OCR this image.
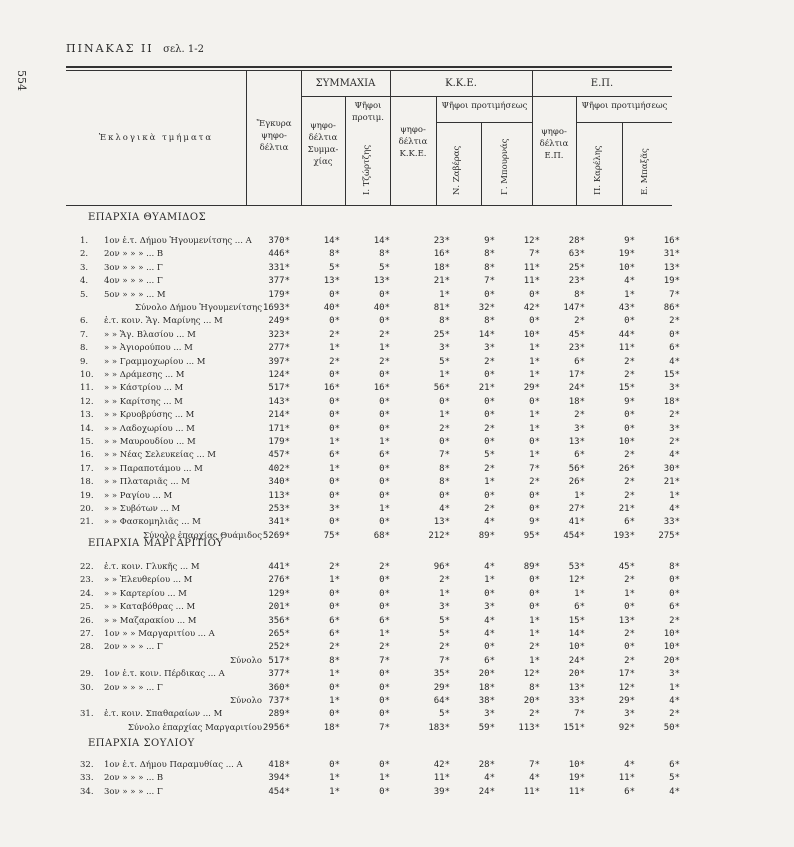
554
ΠΙΝΑΚΑΣ II σελ. 1-2
Ἐκλογικὰ τμήματα
Ἔγκυρα ψηφο-δέλτια
ΣΥΜΜΑΧΙΑ
ψηφο-δέλτια Συμμα-χίας
Ψῆφοι προτιμ.
Ι. Τζώρτζης
Κ.Κ.Ε.
ψηφο-δέλτια Κ.Κ.Ε.
Ψῆφοι προτιμήσεως
Ν. Ζαβέρας	Γ. Μπουρνάς
Ε.Π.
ψηφο-δέλτια Ε.Π.
Ψῆφοι προτιμήσεως
Π. Καρέλης	Ε. Μπαξᾶς
ΕΠΑΡΧΙΑ ΘΥΑΜΙΔΟΣ
1.	1ον ἐ.τ. Δήμου Ἡγουμενίτσης ... Α	370*	14*	14*	23*	9*	12*	28*	9*	16*
2.	2ον » » » ... Β	446*	8*	8*	16*	8*	7*	63*	19*	31*
3.	3ον » » » ... Γ	331*	5*	5*	18*	8*	11*	25*	10*	13*
4.	4ον » » » ... Γ	377*	13*	13*	21*	7*	11*	23*	4*	19*
5.	5ον » » » ... Μ	179*	0*	0*	1*	0*	0*	8*	1*	7*
Σύνολο Δήμου Ἡγουμενίτσης 1693*	40*	40*	81*	32*	42*	147*	43*	86*
6.	ἐ.τ. κοιν. Ἅγ. Μαρίνης ... Μ	249*	0*	0*	8*	8*	0*	2*	0*	2*
7.	» » Ἅγ. Βλασίου ... Μ	323*	2*	2*	25*	14*	10*	45*	44*	0*
8.	» » Ἀγιορούπου ... Μ	277*	1*	1*	3*	3*	1*	23*	11*	6*
9.	» » Γραμμοχωρίου ... Μ	397*	2*	2*	5*	2*	1*	6*	2*	4*
10.	» » Δράμεσης ... Μ	124*	0*	0*	1*	0*	1*	17*	2*	15*
11.	» » Κάστρίου ... Μ	517*	16*	16*	56*	21*	29*	24*	15*	3*
12.	» » Καρίτσης ... Μ	143*	0*	0*	0*	0*	0*	18*	9*	18*
13.	» » Κρυοβρύσης ... Μ	214*	0*	0*	1*	0*	1*	2*	0*	2*
14.	» » Λαδοχωρίου ... Μ	171*	0*	0*	2*	2*	1*	3*	0*	3*
15.	» » Μαυρουδίου ... Μ	179*	1*	1*	0*	0*	0*	13*	10*	2*
16.	» » Νέας Σελευκείας ... Μ	457*	6*	6*	7*	5*	1*	6*	2*	4*
17.	» » Παραποτάμου ... Μ	402*	1*	0*	8*	2*	7*	56*	26*	30*
18.	» » Πλαταριᾶς ... Μ	340*	0*	0*	8*	1*	2*	26*	2*	21*
19.	» » Ραγίου ... Μ	113*	0*	0*	0*	0*	0*	1*	2*	1*
20.	» » Συβότων ... Μ	253*	3*	1*	4*	2*	0*	27*	21*	4*
21.	» » Φασκομηλιᾶς ... Μ	341*	0*	0*	13*	4*	9*	41*	6*	33*
Σύνολο ἐπαρχίας Θυάμιδος 5269*	75*	68*	212*	89*	95*	454*	193*	275*
ΕΠΑΡΧΙΑ ΜΑΡΓΑΡΙΤΙΟΥ
22.	ἐ.τ. κοιν. Γλυκῆς ... Μ	441*	2*	2*	96*	4*	89*	53*	45*	8*
23.	» » Ἐλευθερίου ... Μ	276*	1*	0*	2*	1*	0*	12*	2*	0*
24.	» » Καρτερίου ... Μ	129*	0*	0*	1*	0*	0*	1*	1*	0*
25.	» » Καταβόθρας ... Μ	201*	0*	0*	3*	3*	0*	6*	0*	6*
26.	» » Μαζαρακίου ... Μ	356*	6*	6*	5*	4*	1*	15*	13*	2*
27.	1ον » » Μαργαριτίου ... Α	265*	6*	1*	5*	4*	1*	14*	2*	10*
28.	2ον » » » ... Γ	252*	2*	2*	2*	0*	2*	10*	0*	10*
Σύνολο 517*	8*	7*	7*	6*	1*	24*	2*	20*
29.	1ον ἐ.τ. κοιν. Πέρδικας ... Α	377*	1*	0*	35*	20*	12*	20*	17*	3*
30.	2ον » » » ... Γ	360*	0*	0*	29*	18*	8*	13*	12*	1*
Σύνολο 737*	1*	0*	64*	38*	20*	33*	29*	4*
31.	ἐ.τ. κοιν. Σπαθαραίων ... Μ	289*	0*	0*	5*	3*	2*	7*	3*	2*
Σύνολο ἐπαρχίας Μαργαριτίου 2956*	18*	7*	183*	59*	113*	151*	92*	50*
ΕΠΑΡΧΙΑ ΣΟΥΛΙΟΥ
32.	1ον ἐ.τ. Δήμου Παραμυθίας ... Α	418*	0*	0*	42*	28*	7*	10*	4*	6*
33.	2ον » » » ... Β	394*	1*	1*	11*	4*	4*	19*	11*	5*
34.	3ον » » » ... Γ	454*	1*	0*	39*	24*	11*	11*	6*	4*
